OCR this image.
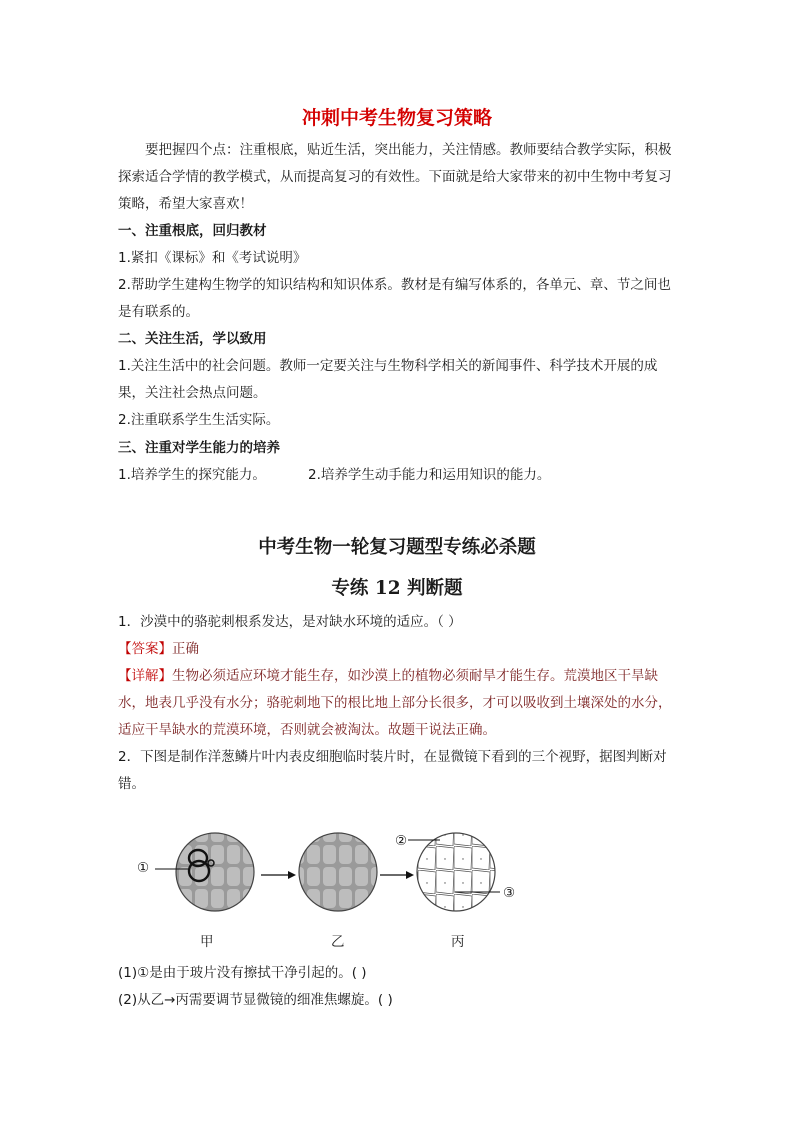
冲刺中考生物复习策略
要把握四个点：注重根底，贴近生活，突出能力，关注情感。教师要结合教学实际，积极探索适合学情的教学模式，从而提高复习的有效性。下面就是给大家带来的初中生物中考复习策略，希望大家喜欢！
一、注重根底，回归教材
1.紧扣《课标》和《考试说明》
2.帮助学生建构生物学的知识结构和知识体系。教材是有编写体系的，各单元、章、节之间也是有联系的。
二、关注生活，学以致用
1.关注生活中的社会问题。教师一定要关注与生物科学相关的新闻事件、科学技术开展的成果，关注社会热点问题。
2.注重联系学生生活实际。
三、注重对学生能力的培养
1.培养学生的探究能力。	2.培养学生动手能力和运用知识的能力。
中考生物一轮复习题型专练必杀题
专练 12 判断题
1．沙漠中的骆驼刺根系发达，是对缺水环境的适应。（ ）
【答案】正确
【详解】生物必须适应环境才能生存，如沙漠上的植物必须耐旱才能生存。荒漠地区干旱缺水，地表几乎没有水分；骆驼刺地下的根比地上部分长很多，才可以吸收到土壤深处的水分，适应干旱缺水的荒漠环境，否则就会被淘汰。故题干说法正确。
2．下图是制作洋葱鳞片叶内表皮细胞临时装片时，在显微镜下看到的三个视野，据图判断对错。
①
②
③
甲	乙	丙
(1)①是由于玻片没有擦拭干净引起的。( )
(2)从乙→丙需要调节显微镜的细准焦螺旋。( )
